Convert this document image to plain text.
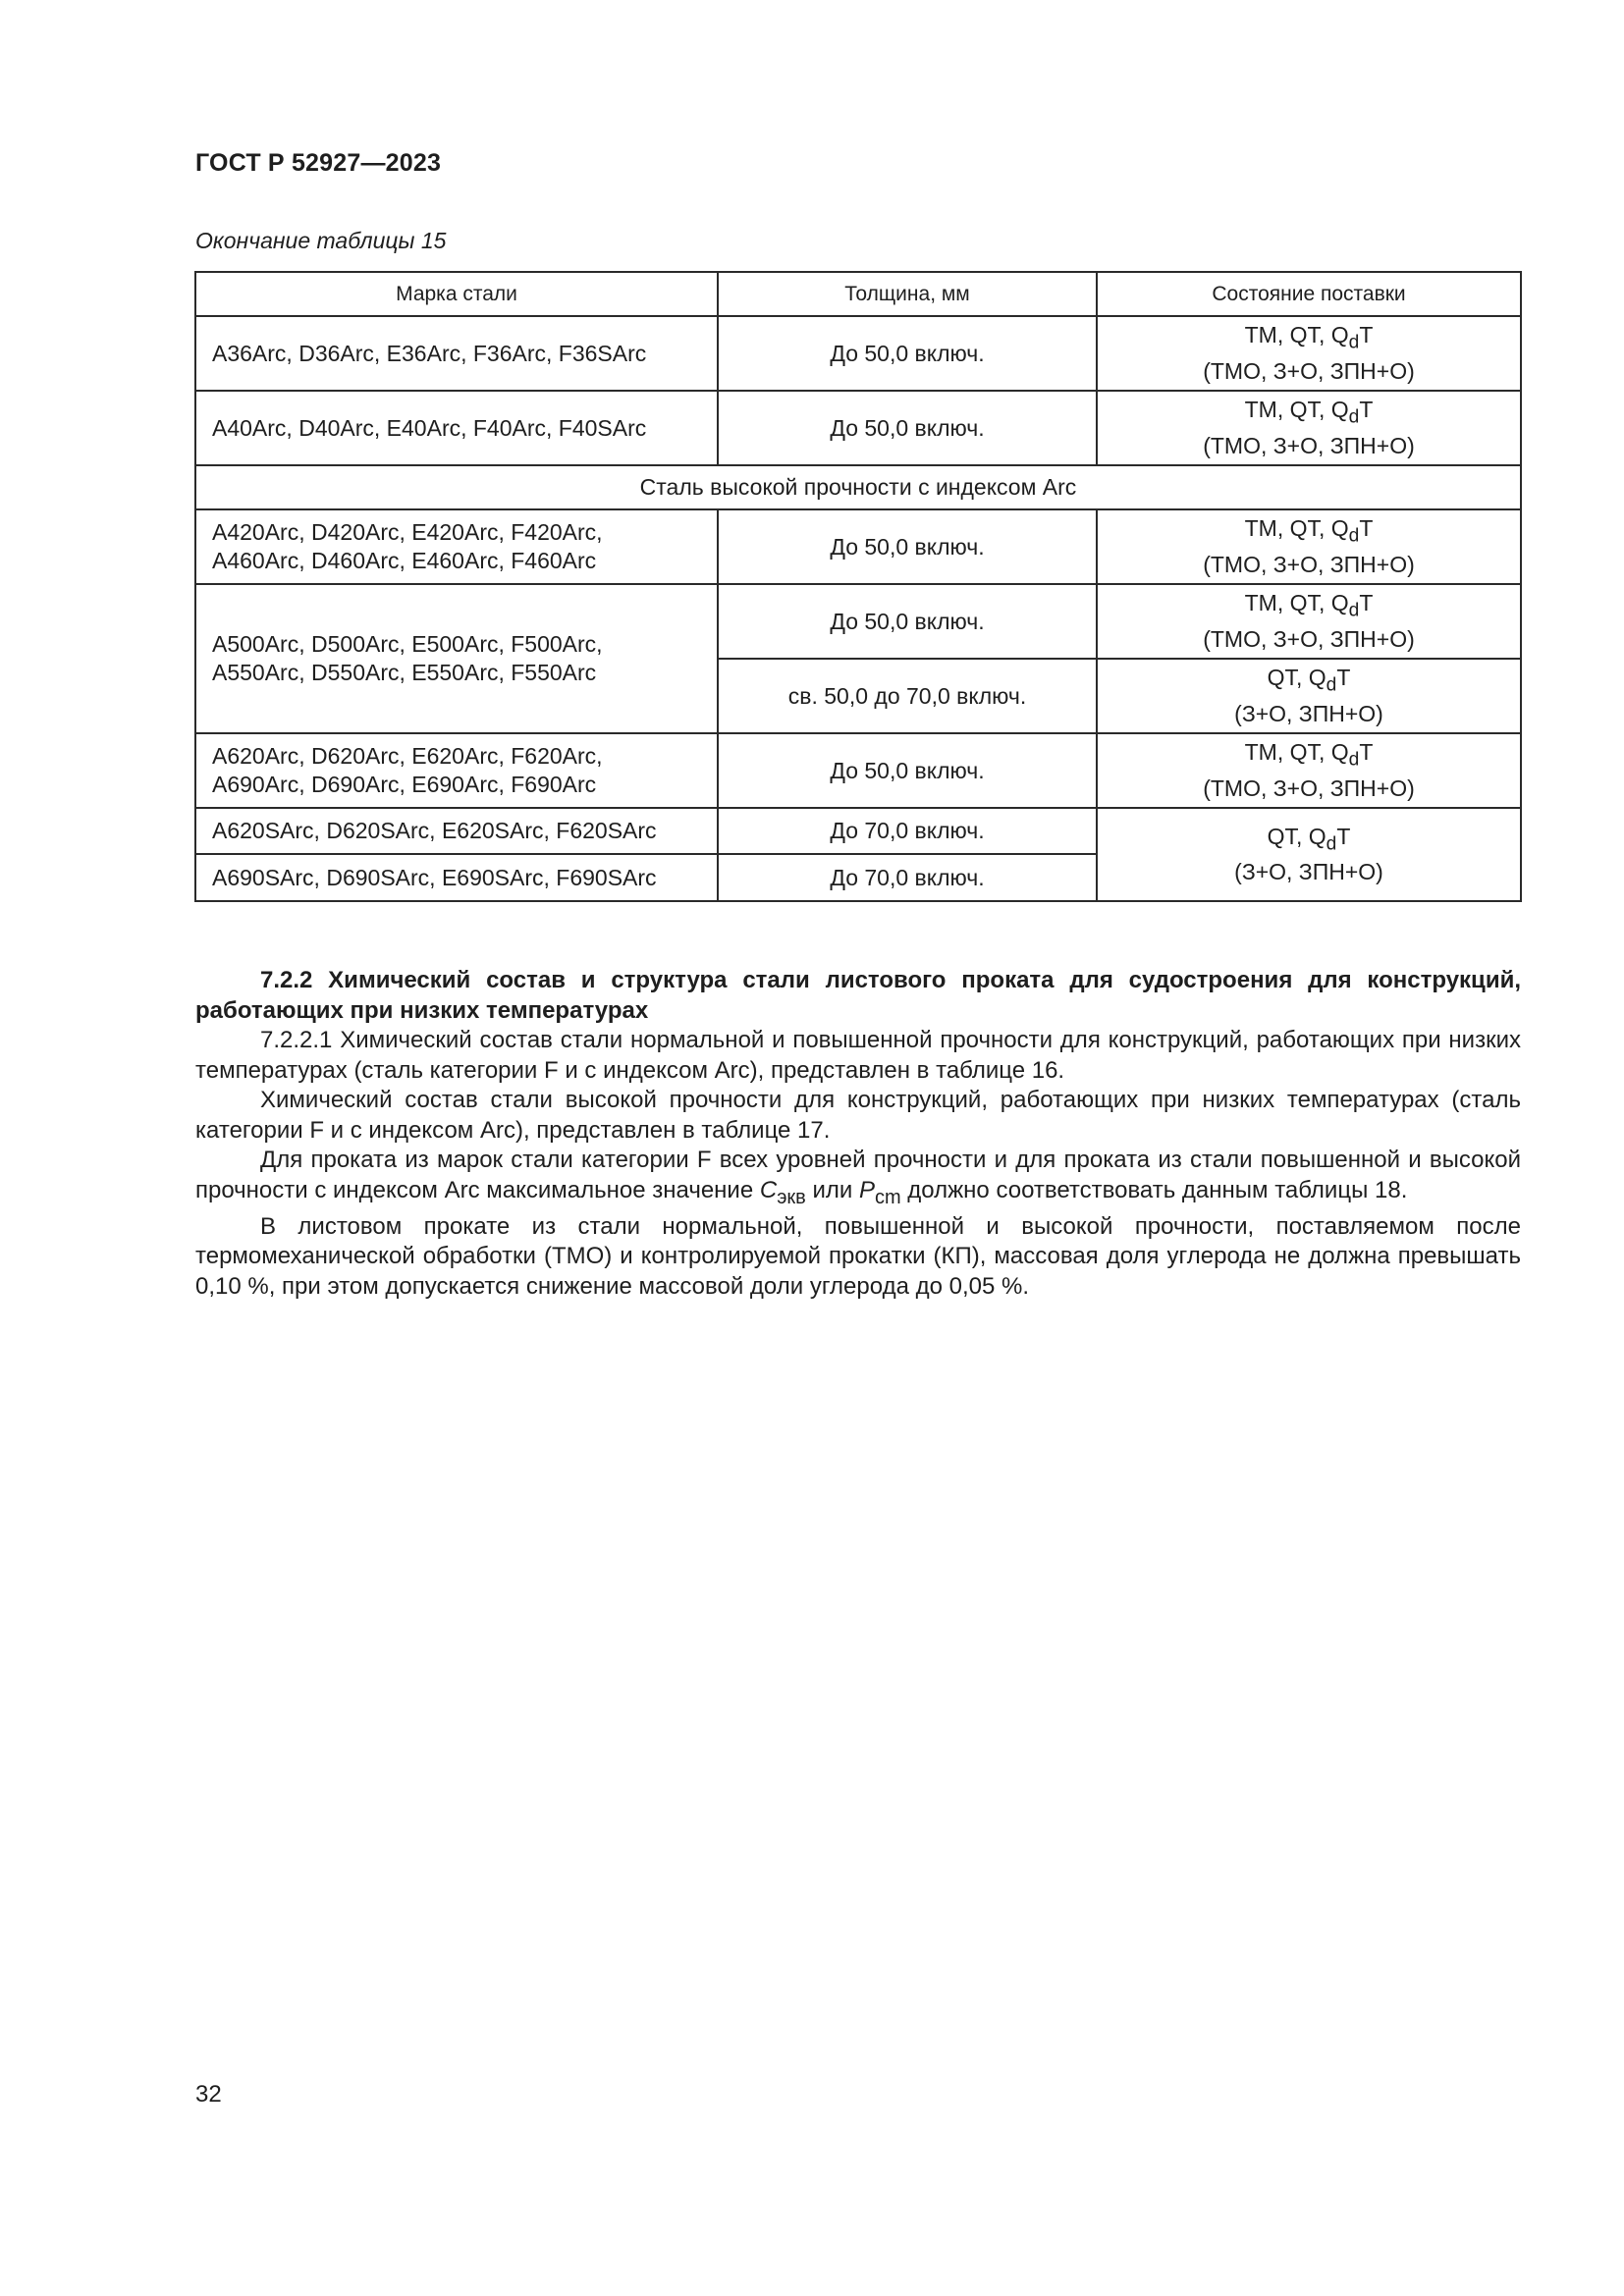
ГОСТ Р 52927—2023
Окончание таблицы 15
Марка стали	Толщина, мм	Состояние поставки
A36Arc, D36Arc, E36Arc, F36Arc, F36SArc	До 50,0 включ.	TM, QT, $Q_dT$
(ТМО, З+О, ЗПН+О)
A40Arc, D40Arc, E40Arc, F40Arc, F40SArc	До 50,0 включ.	TM, QT, $Q_dT$
(ТМО, З+О, ЗПН+О)
Сталь высокой прочности с индексом Arc		
A420Arc, D420Arc, E420Arc, F420Arc,
A460Arc, D460Arc, E460Arc, F460Arc	До 50,0 включ.	TM, QT, $Q_dT$
(ТМО, З+О, ЗПН+О)
A500Arc, D500Arc, E500Arc, F500Arc,
A550Arc, D550Arc, E550Arc, F550Arc	До 50,0 включ.	TM, QT, $Q_dT$
(ТМО, З+О, ЗПН+О)
	св. 50,0 до 70,0 включ.	QT, $Q_dT$
(З+О, ЗПН+О)
A620Arc, D620Arc, E620Arc, F620Arc,
A690Arc, D690Arc, E690Arc, F690Arc	До 50,0 включ.	TM, QT, $Q_dT$
(ТМО, З+О, ЗПН+О)
A620SArc, D620SArc, E620SArc, F620SArc	До 70,0 включ.	QT, $Q_dT$
(З+О, ЗПН+О)
A690SArc, D690SArc, E690SArc, F690SArc	До 70,0 включ.	

7.2.2 Химический состав и структура стали листового проката для судостроения для конструкций, работающих при низких температурах

7.2.2.1 Химический состав стали нормальной и повышенной прочности для конструкций, работающих при низких температурах (сталь категории F и с индексом Arc), представлен в таблице 16.

Химический состав стали высокой прочности для конструкций, работающих при низких температурах (сталь категории F и с индексом Arc), представлен в таблице 17.

Для проката из марок стали категории F всех уровней прочности и для проката из стали повышенной и высокой прочности с индексом Arc максимальное значение $C_{экв}$ или $P_{cm}$ должно соответствовать данным таблицы 18.

В листовом прокате из стали нормальной, повышенной и высокой прочности, поставляемом после термомеханической обработки (ТМО) и контролируемой прокатки (КП), массовая доля углерода не должна превышать 0,10 %, при этом допускается снижение массовой доли углерода до 0,05 %.

32
